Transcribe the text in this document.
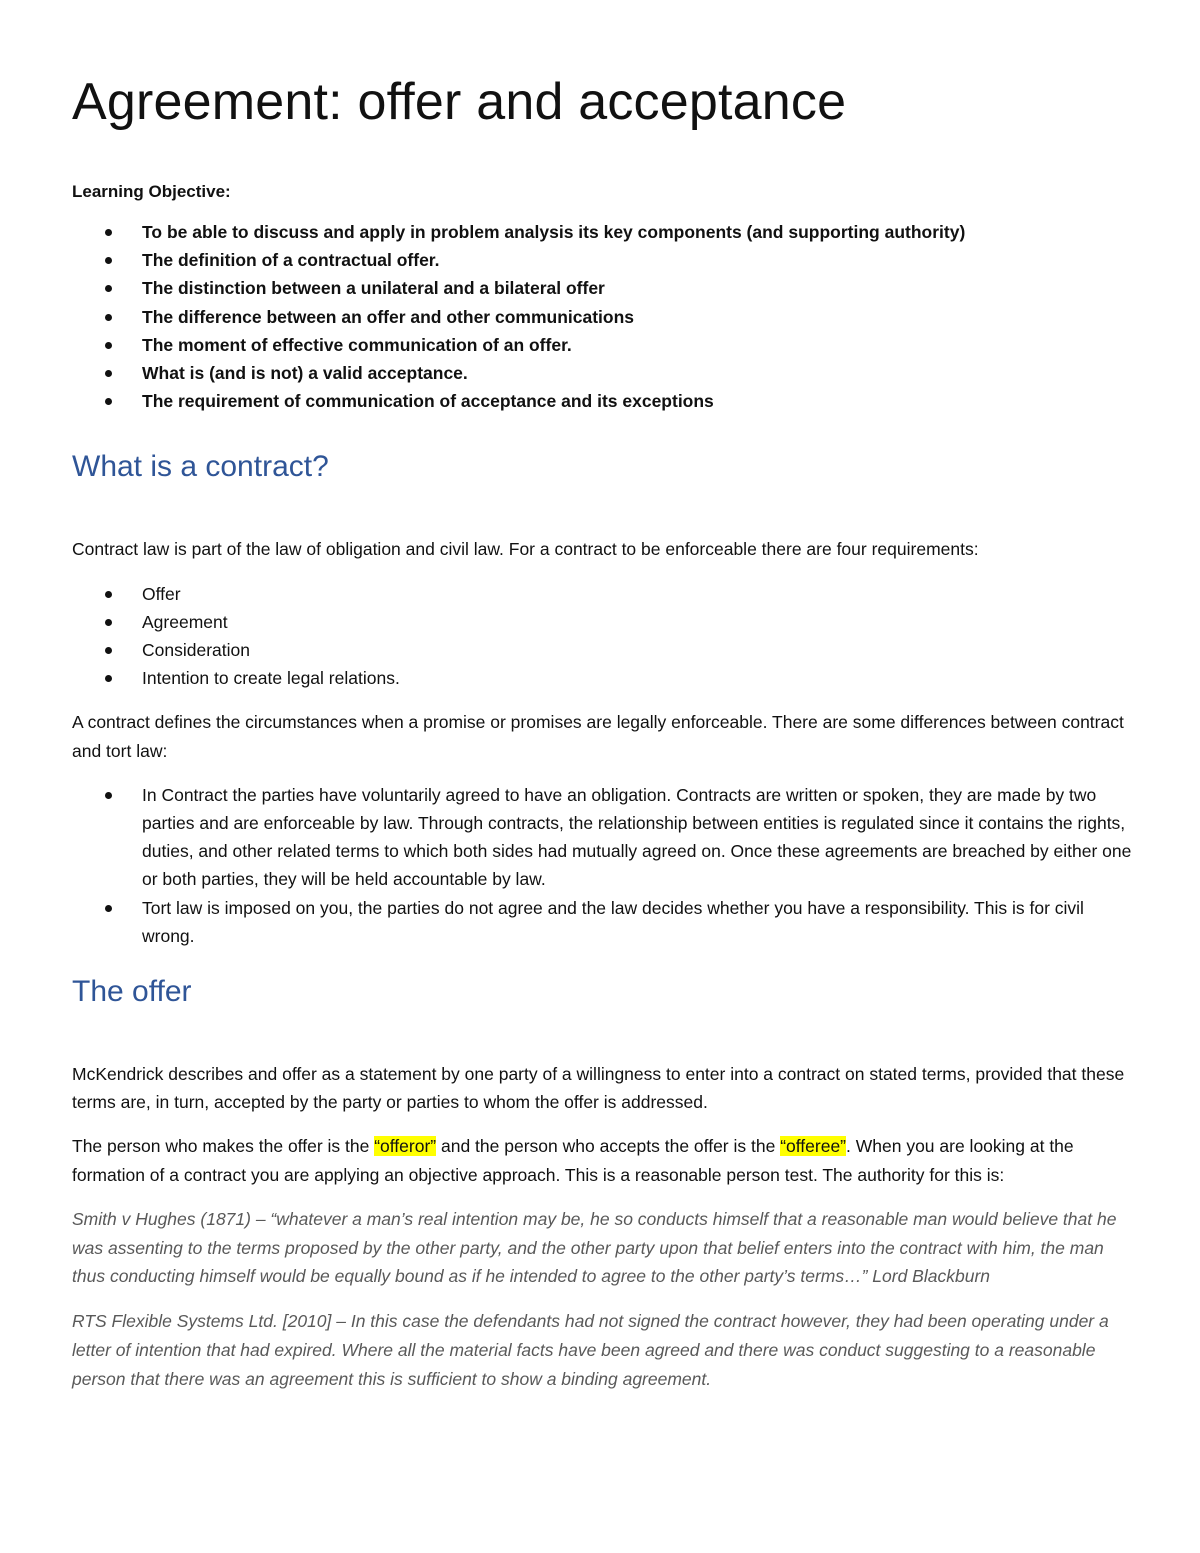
Agreement: offer and acceptance

Learning Objective:

To be able to discuss and apply in problem analysis its key components (and supporting authority)
The definition of a contractual offer.
The distinction between a unilateral and a bilateral offer
The difference between an offer and other communications
The moment of effective communication of an offer.
What is (and is not) a valid acceptance.
The requirement of communication of acceptance and its exceptions
What is a contract?

Contract law is part of the law of obligation and civil law. For a contract to be enforceable there are four requirements:

Offer
Agreement
Consideration
Intention to create legal relations.

A contract defines the circumstances when a promise or promises are legally enforceable. There are some differences between contract and tort law:

In Contract the parties have voluntarily agreed to have an obligation. Contracts are written or spoken, they are made by two parties and are enforceable by law. Through contracts, the relationship between entities is regulated since it contains the rights, duties, and other related terms to which both sides had mutually agreed on. Once these agreements are breached by either one or both parties, they will be held accountable by law.
Tort law is imposed on you, the parties do not agree and the law decides whether you have a responsibility. This is for civil wrong.
The offer

McKendrick describes and offer as a statement by one party of a willingness to enter into a contract on stated terms, provided that these terms are, in turn, accepted by the party or parties to whom the offer is addressed.

The person who makes the offer is the “offeror” and the person who accepts the offer is the “offeree”. When you are looking at the formation of a contract you are applying an objective approach. This is a reasonable person test. The authority for this is:

Smith v Hughes (1871) – “whatever a man’s real intention may be, he so conducts himself that a reasonable man would believe that he was assenting to the terms proposed by the other party, and the other party upon that belief enters into the contract with him, the man thus conducting himself would be equally bound as if he intended to agree to the other party’s terms…” Lord Blackburn

RTS Flexible Systems Ltd. [2010] – In this case the defendants had not signed the contract however, they had been operating under a letter of intention that had expired. Where all the material facts have been agreed and there was conduct suggesting to a reasonable person that there was an agreement this is sufficient to show a binding agreement.
